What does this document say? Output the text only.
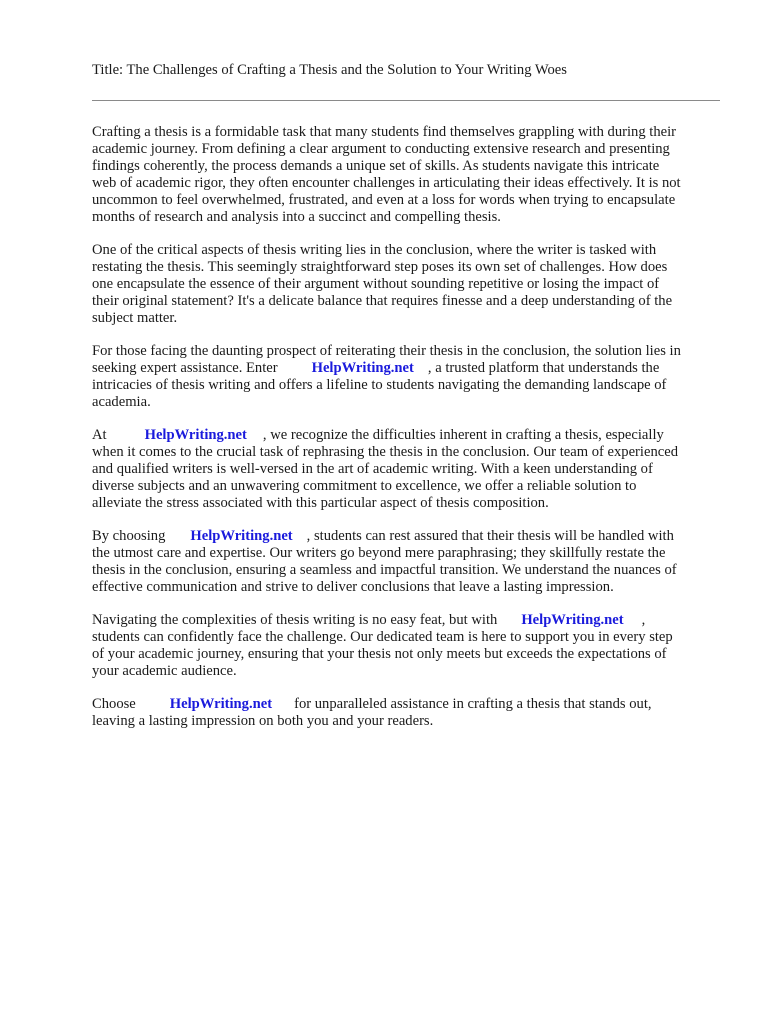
Title: The Challenges of Crafting a Thesis and the Solution to Your Writing Woes

Crafting a thesis is a formidable task that many students find themselves grappling with during their
academic journey. From defining a clear argument to conducting extensive research and presenting
findings coherently, the process demands a unique set of skills. As students navigate this intricate
web of academic rigor, they often encounter challenges in articulating their ideas effectively. It is not
uncommon to feel overwhelmed, frustrated, and even at a loss for words when trying to encapsulate
months of research and analysis into a succinct and compelling thesis.

One of the critical aspects of thesis writing lies in the conclusion, where the writer is tasked with
restating the thesis. This seemingly straightforward step poses its own set of challenges. How does
one encapsulate the essence of their argument without sounding repetitive or losing the impact of
their original statement? It's a delicate balance that requires finesse and a deep understanding of the
subject matter.

For those facing the daunting prospect of reiterating their thesis in the conclusion, the solution lies in
seeking expert assistance. Enter HelpWriting.net , a trusted platform that understands the
intricacies of thesis writing and offers a lifeline to students navigating the demanding landscape of
academia.

At	HelpWriting.net , we recognize the difficulties inherent in crafting a thesis, especially
when it comes to the crucial task of rephrasing the thesis in the conclusion. Our team of experienced
and qualified writers is well-versed in the art of academic writing. With a keen understanding of
diverse subjects and an unwavering commitment to excellence, we offer a reliable solution to
alleviate the stress associated with this particular aspect of thesis composition.

By choosing HelpWriting.net , students can rest assured that their thesis will be handled with
the utmost care and expertise. Our writers go beyond mere paraphrasing; they skillfully restate the
thesis in the conclusion, ensuring a seamless and impactful transition. We understand the nuances of
effective communication and strive to deliver conclusions that leave a lasting impression.

Navigating the complexities of thesis writing is no easy feat, but with HelpWriting.net ,
students can confidently face the challenge. Our dedicated team is here to support you in every step
of your academic journey, ensuring that your thesis not only meets but exceeds the expectations of
your academic audience.

Choose HelpWriting.net for unparalleled assistance in crafting a thesis that stands out,
leaving a lasting impression on both you and your readers.
